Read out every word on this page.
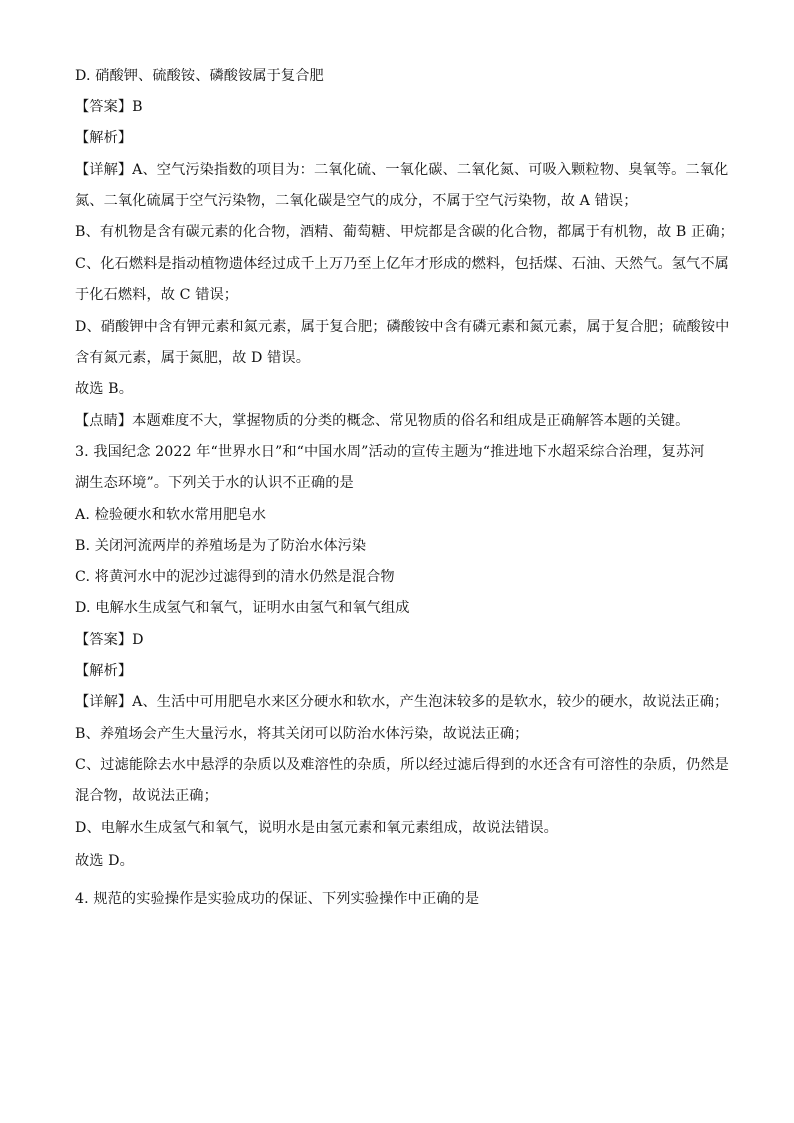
D. 硝酸钾、硫酸铵、磷酸铵属于复合肥
【答案】B
【解析】
【详解】A、空气污染指数的项目为：二氧化硫、一氧化碳、二氧化氮、可吸入颗粒物、臭氧等。二氧化
氮、二氧化硫属于空气污染物，二氧化碳是空气的成分，不属于空气污染物，故 A 错误；
B、有机物是含有碳元素的化合物，酒精、葡萄糖、甲烷都是含碳的化合物，都属于有机物，故 B 正确；
C、化石燃料是指动植物遗体经过成千上万乃至上亿年才形成的燃料，包括煤、石油、天然气。氢气不属
于化石燃料，故 C 错误；
D、硝酸钾中含有钾元素和氮元素，属于复合肥；磷酸铵中含有磷元素和氮元素，属于复合肥；硫酸铵中
含有氮元素，属于氮肥，故 D 错误。
故选 B。
【点睛】本题难度不大，掌握物质的分类的概念、常见物质的俗名和组成是正确解答本题的关键。
3. 我国纪念 2022 年“世界水日”和“中国水周”活动的宣传主题为“推进地下水超采综合治理，复苏河
湖生态环境”。下列关于水的认识不正确的是
A. 检验硬水和软水常用肥皂水
B. 关闭河流两岸的养殖场是为了防治水体污染
C. 将黄河水中的泥沙过滤得到的清水仍然是混合物
D. 电解水生成氢气和氧气，证明水由氢气和氧气组成
【答案】D
【解析】
【详解】A、生活中可用肥皂水来区分硬水和软水，产生泡沫较多的是软水，较少的硬水，故说法正确；
B、养殖场会产生大量污水，将其关闭可以防治水体污染，故说法正确；
C、过滤能除去水中悬浮的杂质以及难溶性的杂质，所以经过滤后得到的水还含有可溶性的杂质，仍然是
混合物，故说法正确；
D、电解水生成氢气和氧气，说明水是由氢元素和氧元素组成，故说法错误。
故选 D。
4. 规范的实验操作是实验成功的保证、下列实验操作中正确的是
